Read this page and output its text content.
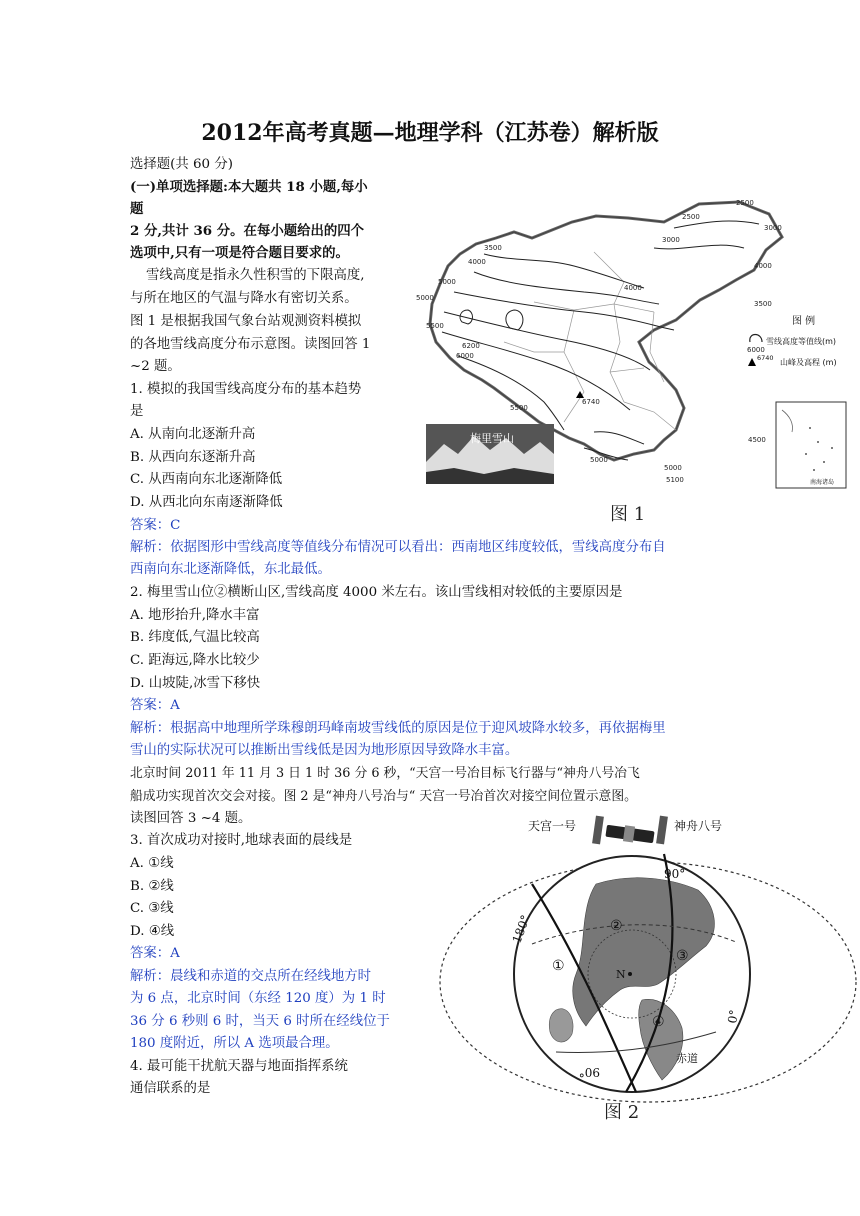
2012年高考真题—地理学科（江苏卷）解析版
选择题(共 60 分)
(一)单项选择题:本大题共 18 小题,每小
题
2 分,共计 36 分。在每小题给出的四个
选项中,只有一项是符合题目要求的。
雪线高度是指永久性积雪的下限高度,
与所在地区的气温与降水有密切关系。
图 1 是根据我国气象台站观测资料模拟
的各地雪线高度分布示意图。读图回答 1
~2 题。
1. 模拟的我国雪线高度分布的基本趋势
是
A. 从南向北逐渐升高
B. 从西向东逐渐升高
C. 从西南向东北逐渐降低
D. 从西北向东南逐渐降低
答案：C
解析：依据图形中雪线高度等值线分布情况可以看出：西南地区纬度较低，雪线高度分布自
西南向东北逐渐降低，东北最低。
2. 梅里雪山位②横断山区,雪线高度 4000 米左右。该山雪线相对较低的主要原因是
A. 地形抬升,降水丰富
B. 纬度低,气温比较高
C. 距海远,降水比较少
D. 山坡陡,冰雪下移快
答案：A
解析：根据高中地理所学珠穆朗玛峰南坡雪线低的原因是位于迎风坡降水较多，再依据梅里
雪山的实际状况可以推断出雪线低是因为地形原因导致降水丰富。
北京时间 2011 年 11 月 3 日 1 时 36 分 6 秒，“天宫一号冶目标飞行器与“神舟八号冶飞
船成功实现首次交会对接。图 2 是“神舟八号冶与“ 天宫一号冶首次对接空间位置示意图。
读图回答 3 ~4 题。
3. 首次成功对接时,地球表面的晨线是
A. ①线
B. ②线
C. ③线
D. ④线
答案：A
解析：晨线和赤道的交点所在经线地方时
为 6 点，北京时间（东经 120 度）为 1 时
36 分 6 秒则 6 时，当天 6 时所在经线位于
180 度附近，所以 A 选项最合理。
4. 最可能干扰航天器与地面指挥系统
通信联系的是
2500
2500
3000
3000
3500
3500
4000
4000
4000
4500
5000
5000
5000
5000
5100
5500
5500
6000
6200
6740
梅里雪山
图 例
6000
雪线高度等值线(m)
6740 山峰及高程 (m)
南海诸岛
图 1
N
①
②
③
④
90°
180°
0°
90°
赤道
天宫一号	神舟八号
图 2
